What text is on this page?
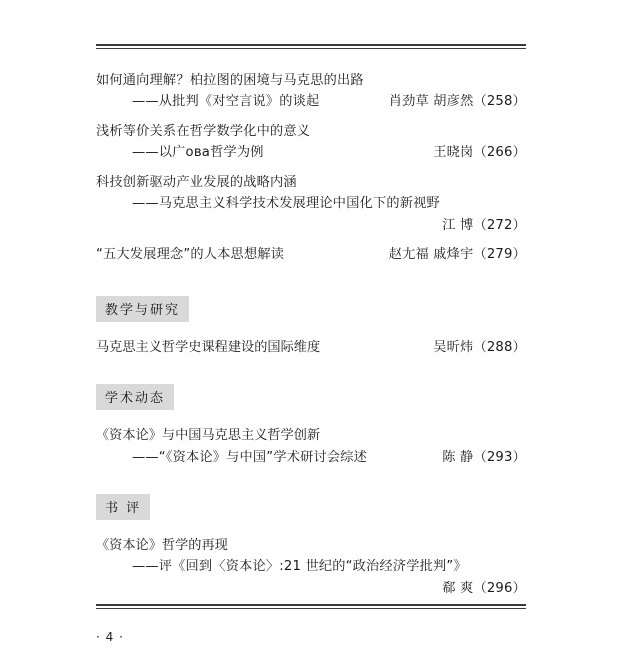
如何通向理解？柏拉图的困境与马克思的出路
——从批判《对空言说》的谈起	肖劲草 胡彦然（258）
浅析等价关系在哲学数学化中的意义
——以广ова哲学为例	王晓岗（266）
科技创新驱动产业发展的战略内涵
——马克思主义科学技术发展理论中国化下的新视野
江 博（272）
“五大发展理念”的人本思想解读	赵尢福 戚烽宇（279）
教学与研究
马克思主义哲学史课程建设的国际维度	吴昕炜（288）
学术动态
《资本论》与中国马克思主义哲学创新
——“《资本论》与中国”学术研讨会综述	陈 静（293）
书 评
《资本论》哲学的再现
——评《回到〈资本论〉:21 世纪的“政治经济学批判”》
郗 爽（296）
· 4 ·
